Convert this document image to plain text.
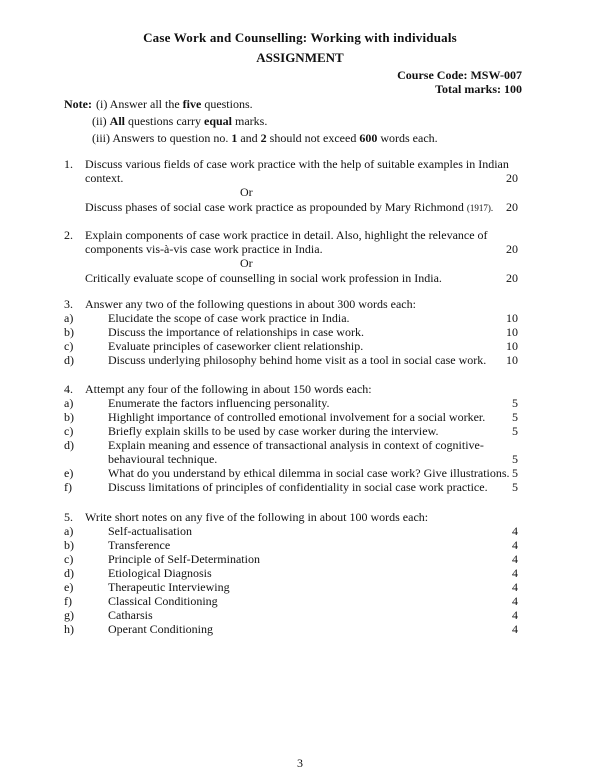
Case Work and Counselling: Working with individuals
ASSIGNMENT
Course Code: MSW-007
Total marks: 100
Note: (i) Answer all the five questions.
(ii) All questions carry equal marks.
(iii) Answers to question no. 1 and 2 should not exceed 600 words each.
1. Discuss various fields of case work practice with the help of suitable examples in Indian
context.	20
Or
Discuss phases of social case work practice as propounded by Mary Richmond (1917). 20
2. Explain components of case work practice in detail. Also, highlight the relevance of
components vis-à-vis case work practice in India.	20
Or
Critically evaluate scope of counselling in social work profession in India.	20
3. Answer any two of the following questions in about 300 words each:
a)	Elucidate the scope of case work practice in India.	10
b)	Discuss the importance of relationships in case work.	10
c)	Evaluate principles of caseworker client relationship.	10
d)	Discuss underlying philosophy behind home visit as a tool in social case work. 10
4. Attempt any four of the following in about 150 words each:
a)	Enumerate the factors influencing personality.	5
b)	Highlight importance of controlled emotional involvement for a social worker. 5
c)	Briefly explain skills to be used by case worker during the interview.	5
d)	Explain meaning and essence of transactional analysis in context of cognitive-
behavioural technique.	5
e)	What do you understand by ethical dilemma in social case work? Give illustrations. 5
f)	Discuss limitations of principles of confidentiality in social case work practice. 5
5. Write short notes on any five of the following in about 100 words each:
a)	Self-actualisation	4
b)	Transference	4
c)	Principle of Self-Determination	4
d)	Etiological Diagnosis	4
e)	Therapeutic Interviewing	4
f)	Classical Conditioning	4
g)	Catharsis	4
h)	Operant Conditioning	4
3
